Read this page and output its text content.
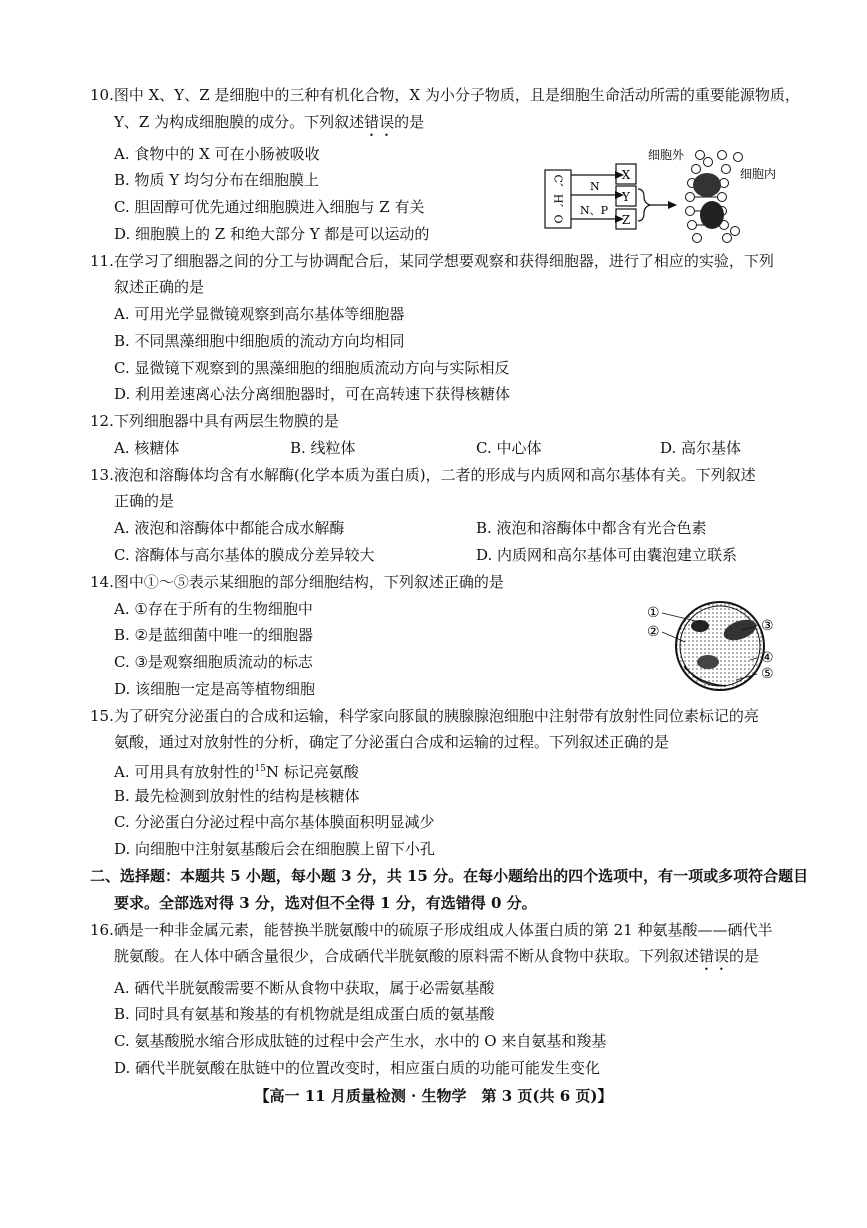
10.图中 X、Y、Z 是细胞中的三种有机化合物，X 为小分子物质，且是细胞生命活动所需的重要能源物质，
Y、Z 为构成细胞膜的成分。下列叙述错误的是
A. 食物中的 X 可在小肠被吸收
B. 物质 Y 均匀分布在细胞膜上
C. 胆固醇可优先通过细胞膜进入细胞与 Z 有关
D. 细胞膜上的 Z 和绝大部分 Y 都是可以运动的
C、H、O N
N、P
X
Y
Z
细胞外
细胞内
11.在学习了细胞器之间的分工与协调配合后，某同学想要观察和获得细胞器，进行了相应的实验，下列
叙述正确的是
A. 可用光学显微镜观察到高尔基体等细胞器
B. 不同黑藻细胞中细胞质的流动方向均相同
C. 显微镜下观察到的黑藻细胞的细胞质流动方向与实际相反
D. 利用差速离心法分离细胞器时，可在高转速下获得核糖体
12.下列细胞器中具有两层生物膜的是
A. 核糖体	B. 线粒体	C. 中心体	D. 高尔基体
13.液泡和溶酶体均含有水解酶(化学本质为蛋白质)，二者的形成与内质网和高尔基体有关。下列叙述
正确的是
A. 液泡和溶酶体中都能合成水解酶	B. 液泡和溶酶体中都含有光合色素
C. 溶酶体与高尔基体的膜成分差异较大	D. 内质网和高尔基体可由囊泡建立联系
14.图中①～⑤表示某细胞的部分细胞结构，下列叙述正确的是
A. ①存在于所有的生物细胞中
B. ②是蓝细菌中唯一的细胞器
C. ③是观察细胞质流动的标志
D. 该细胞一定是高等植物细胞
①
②	③
④
⑤
15.为了研究分泌蛋白的合成和运输，科学家向豚鼠的胰腺腺泡细胞中注射带有放射性同位素标记的亮
氨酸，通过对放射性的分析，确定了分泌蛋白合成和运输的过程。下列叙述正确的是
A. 可用具有放射性的$^{15}$N 标记亮氨酸
B. 最先检测到放射性的结构是核糖体
C. 分泌蛋白分泌过程中高尔基体膜面积明显减少
D. 向细胞中注射氨基酸后会在细胞膜上留下小孔
二、选择题：本题共 5 小题，每小题 3 分，共 15 分。在每小题给出的四个选项中，有一项或多项符合题目
要求。全部选对得 3 分，选对但不全得 1 分，有选错得 0 分。
16.硒是一种非金属元素，能替换半胱氨酸中的硫原子形成组成人体蛋白质的第 21 种氨基酸——硒代半
胱氨酸。在人体中硒含量很少，合成硒代半胱氨酸的原料需不断从食物中获取。下列叙述错误的是
A. 硒代半胱氨酸需要不断从食物中获取，属于必需氨基酸
B. 同时具有氨基和羧基的有机物就是组成蛋白质的氨基酸
C. 氨基酸脱水缩合形成肽链的过程中会产生水，水中的 O 来自氨基和羧基
D. 硒代半胱氨酸在肽链中的位置改变时，相应蛋白质的功能可能发生变化
【高一 11 月质量检测 · 生物学　第 3 页(共 6 页)】
